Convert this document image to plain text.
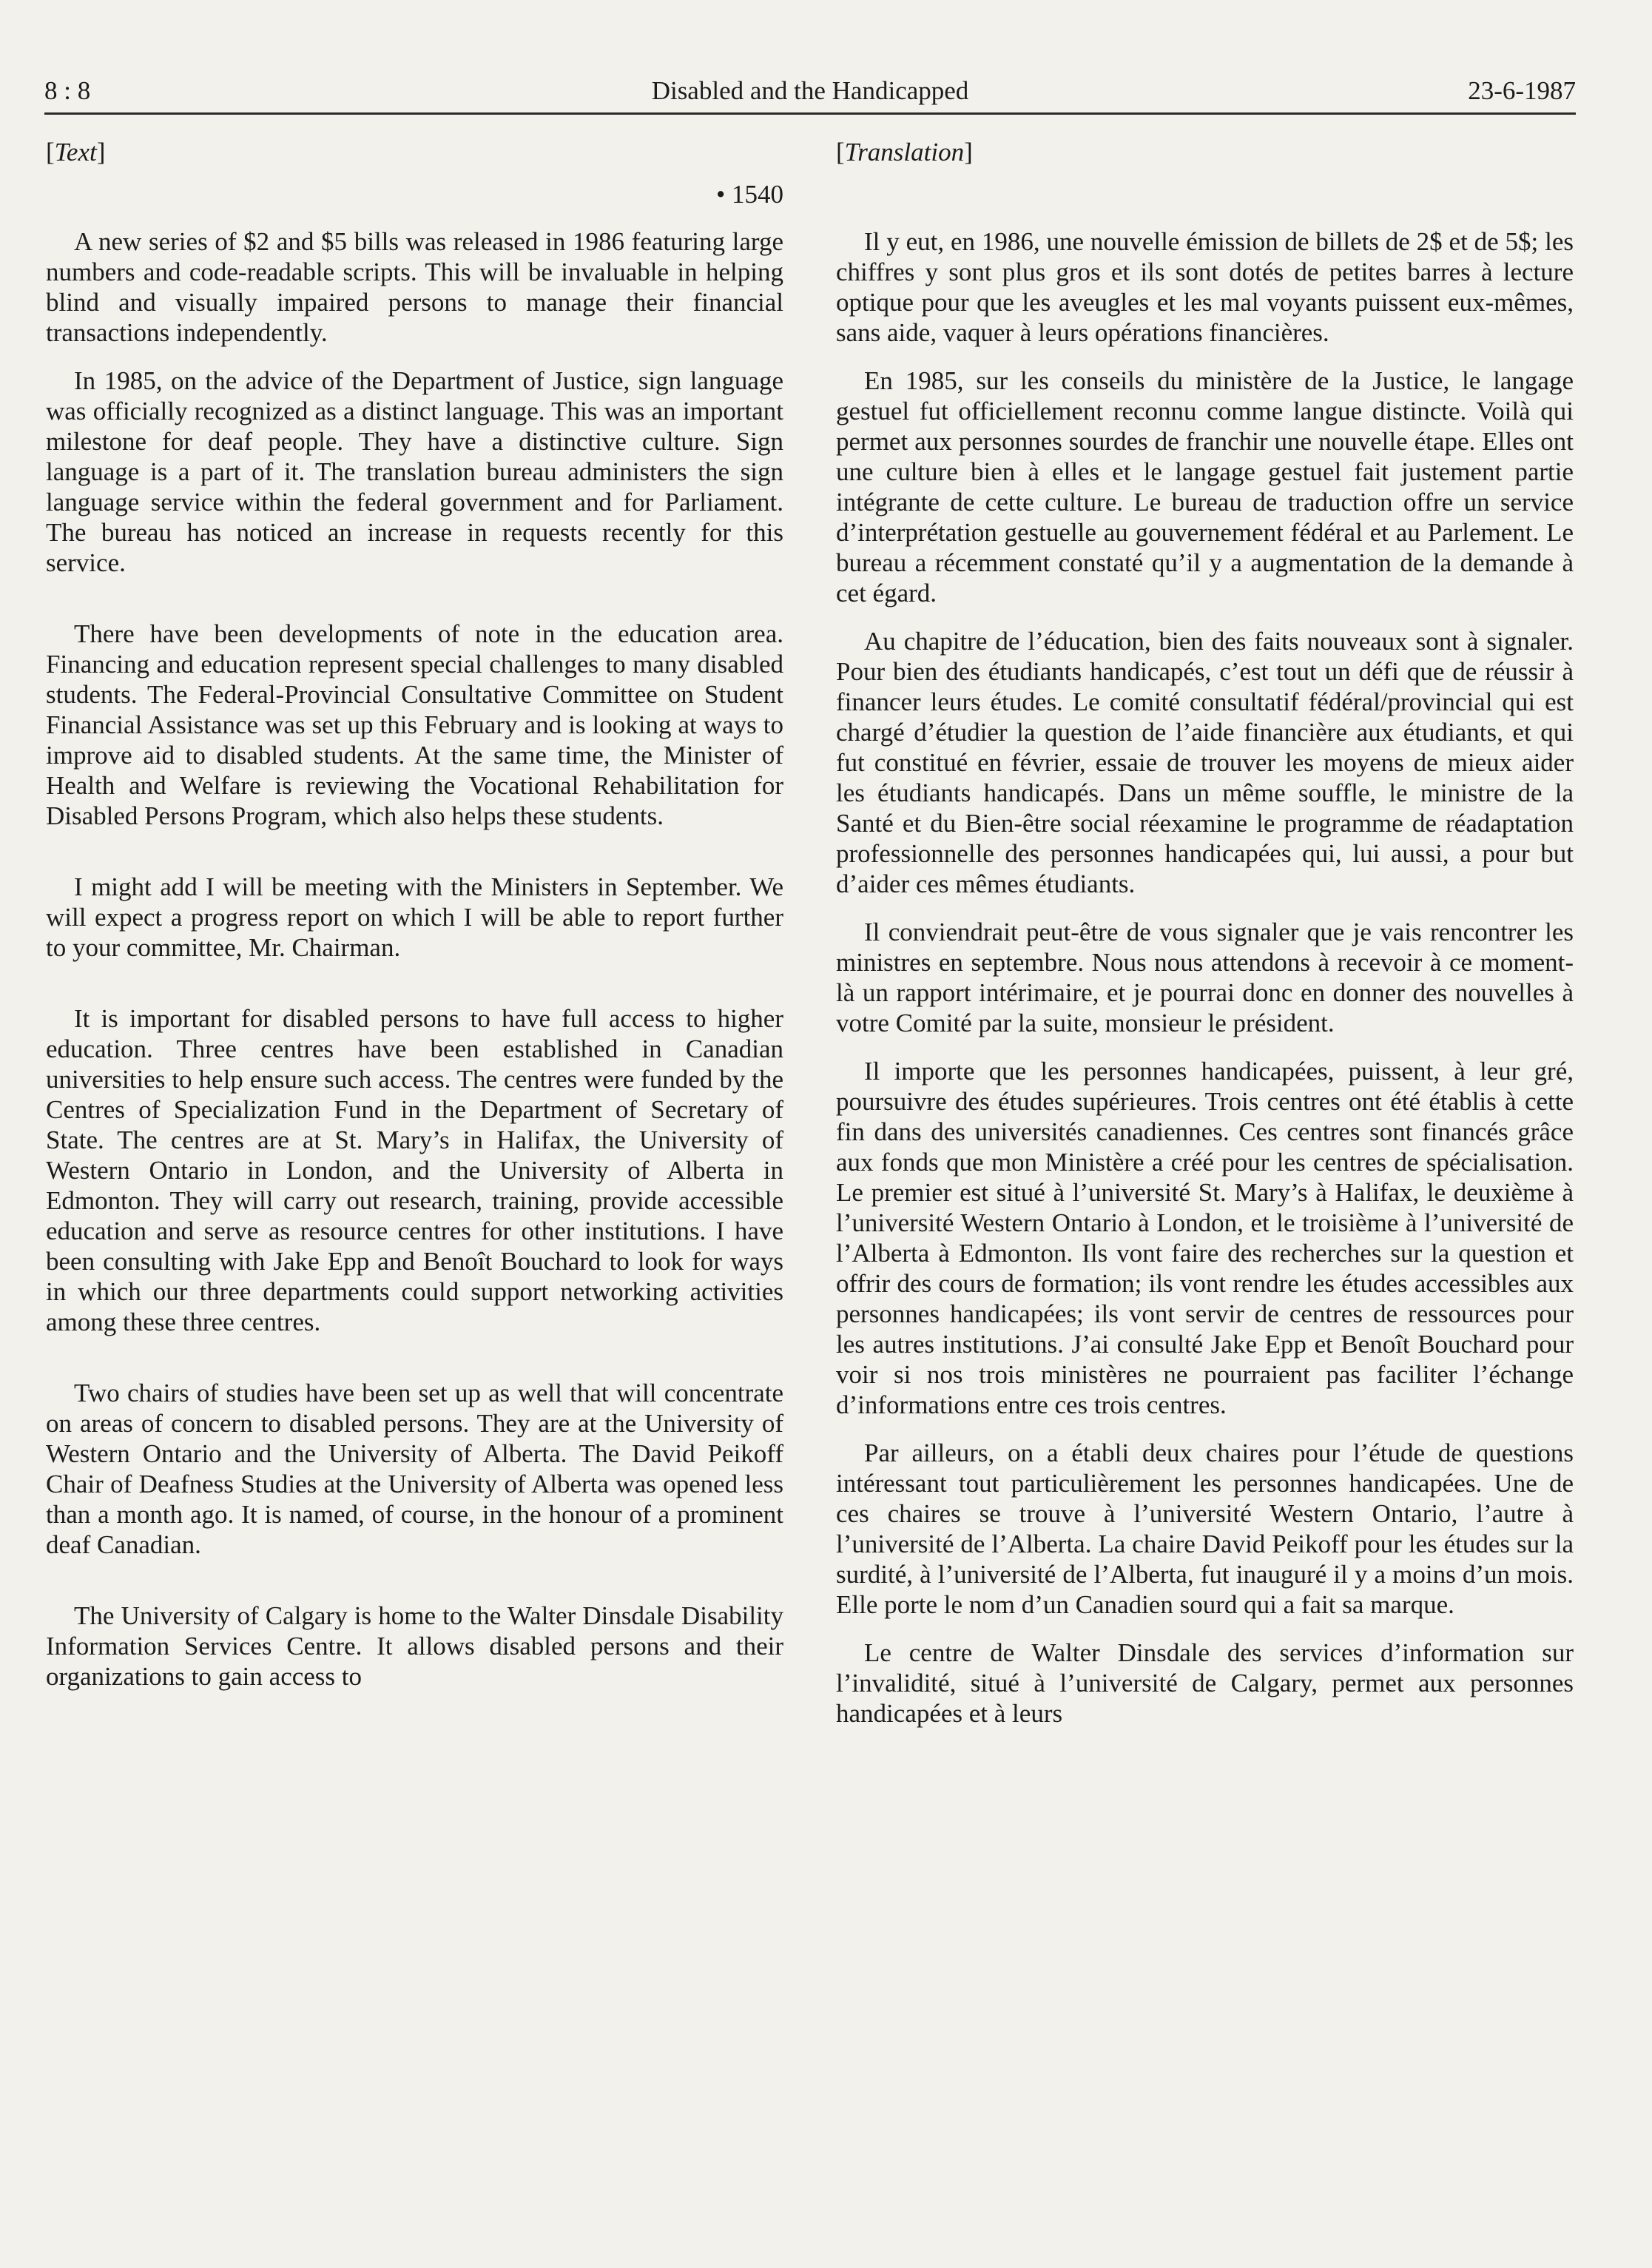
8 : 8	Disabled and the Handicapped	23-6-1987
[Text]
• 1540

A new series of $2 and $5 bills was released in 1986 featuring large numbers and code-readable scripts. This will be invaluable in helping blind and visually impaired persons to manage their financial transactions independently.

In 1985, on the advice of the Department of Justice, sign language was officially recognized as a distinct language. This was an important milestone for deaf people. They have a distinctive culture. Sign language is a part of it. The translation bureau administers the sign language service within the federal government and for Parliament. The bureau has noticed an increase in requests recently for this service.

There have been developments of note in the education area. Financing and education represent special challenges to many disabled students. The Federal-Provincial Consultative Committee on Student Financial Assistance was set up this February and is looking at ways to improve aid to disabled students. At the same time, the Minister of Health and Welfare is reviewing the Vocational Rehabilitation for Disabled Persons Program, which also helps these students.

I might add I will be meeting with the Ministers in September. We will expect a progress report on which I will be able to report further to your committee, Mr. Chairman.

It is important for disabled persons to have full access to higher education. Three centres have been established in Canadian universities to help ensure such access. The centres were funded by the Centres of Specialization Fund in the Department of Secretary of State. The centres are at St. Mary’s in Halifax, the University of Western Ontario in London, and the University of Alberta in Edmonton. They will carry out research, training, provide accessible education and serve as resource centres for other institutions. I have been consulting with Jake Epp and Benoît Bouchard to look for ways in which our three departments could support networking activities among these three centres.

Two chairs of studies have been set up as well that will concentrate on areas of concern to disabled persons. They are at the University of Western Ontario and the University of Alberta. The David Peikoff Chair of Deafness Studies at the University of Alberta was opened less than a month ago. It is named, of course, in the honour of a prominent deaf Canadian.

The University of Calgary is home to the Walter Dinsdale Disability Information Services Centre. It allows disabled persons and their organizations to gain access to

[Translation]

Il y eut, en 1986, une nouvelle émission de billets de 2$ et de 5$; les chiffres y sont plus gros et ils sont dotés de petites barres à lecture optique pour que les aveugles et les mal voyants puissent eux-mêmes, sans aide, vaquer à leurs opérations financières.

En 1985, sur les conseils du ministère de la Justice, le langage gestuel fut officiellement reconnu comme langue distincte. Voilà qui permet aux personnes sourdes de franchir une nouvelle étape. Elles ont une culture bien à elles et le langage gestuel fait justement partie intégrante de cette culture. Le bureau de traduction offre un service d’interprétation gestuelle au gouvernement fédéral et au Parlement. Le bureau a récemment constaté qu’il y a augmentation de la demande à cet égard.

Au chapitre de l’éducation, bien des faits nouveaux sont à signaler. Pour bien des étudiants handicapés, c’est tout un défi que de réussir à financer leurs études. Le comité consultatif fédéral/provincial qui est chargé d’étudier la question de l’aide financière aux étudiants, et qui fut constitué en février, essaie de trouver les moyens de mieux aider les étudiants handicapés. Dans un même souffle, le ministre de la Santé et du Bien-être social réexamine le programme de réadaptation professionnelle des personnes handicapées qui, lui aussi, a pour but d’aider ces mêmes étudiants.

Il conviendrait peut-être de vous signaler que je vais rencontrer les ministres en septembre. Nous nous attendons à recevoir à ce moment-là un rapport intérimaire, et je pourrai donc en donner des nouvelles à votre Comité par la suite, monsieur le président.

Il importe que les personnes handicapées, puissent, à leur gré, poursuivre des études supérieures. Trois centres ont été établis à cette fin dans des universités canadiennes. Ces centres sont financés grâce aux fonds que mon Ministère a créé pour les centres de spécialisation. Le premier est situé à l’université St. Mary’s à Halifax, le deuxième à l’université Western Ontario à London, et le troisième à l’université de l’Alberta à Edmonton. Ils vont faire des recherches sur la question et offrir des cours de formation; ils vont rendre les études accessibles aux personnes handicapées; ils vont servir de centres de ressources pour les autres institutions. J’ai consulté Jake Epp et Benoît Bouchard pour voir si nos trois ministères ne pourraient pas faciliter l’échange d’informations entre ces trois centres.

Par ailleurs, on a établi deux chaires pour l’étude de questions intéressant tout particulièrement les personnes handicapées. Une de ces chaires se trouve à l’université Western Ontario, l’autre à l’université de l’Alberta. La chaire David Peikoff pour les études sur la surdité, à l’université de l’Alberta, fut inauguré il y a moins d’un mois. Elle porte le nom d’un Canadien sourd qui a fait sa marque.

Le centre de Walter Dinsdale des services d’information sur l’invalidité, situé à l’université de Calgary, permet aux personnes handicapées et à leurs
